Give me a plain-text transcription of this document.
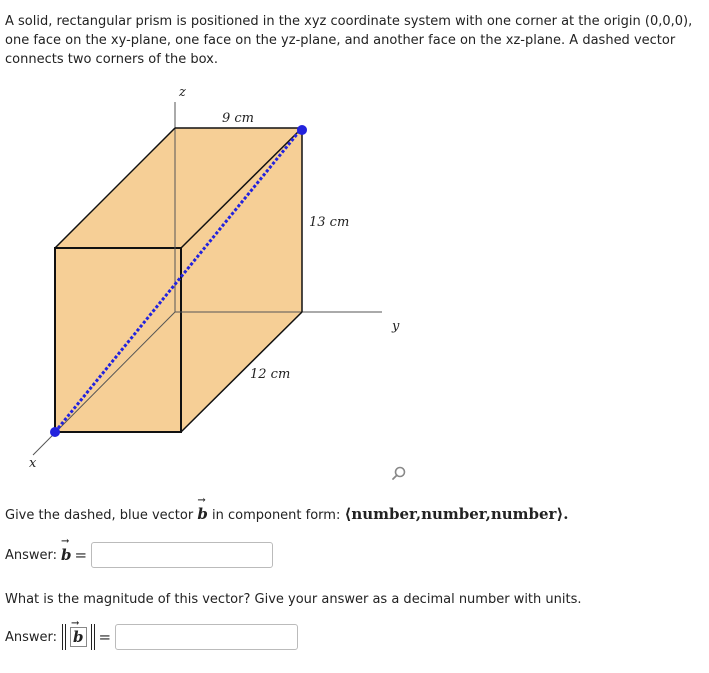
A solid, rectangular prism is positioned in the xyz coordinate system with one corner at the origin (0,0,0), one face on the xy-plane, one face on the yz-plane, and another face on the xz-plane. A dashed vector connects two corners of the box.

z
y
x
9 cm
13 cm
12 cm
Give the dashed, blue vector → b in component form: ⟨number,number,number⟩.
Answer: → b =
What is the magnitude of this vector? Give your answer as a decimal number with units.
Answer: → b =
